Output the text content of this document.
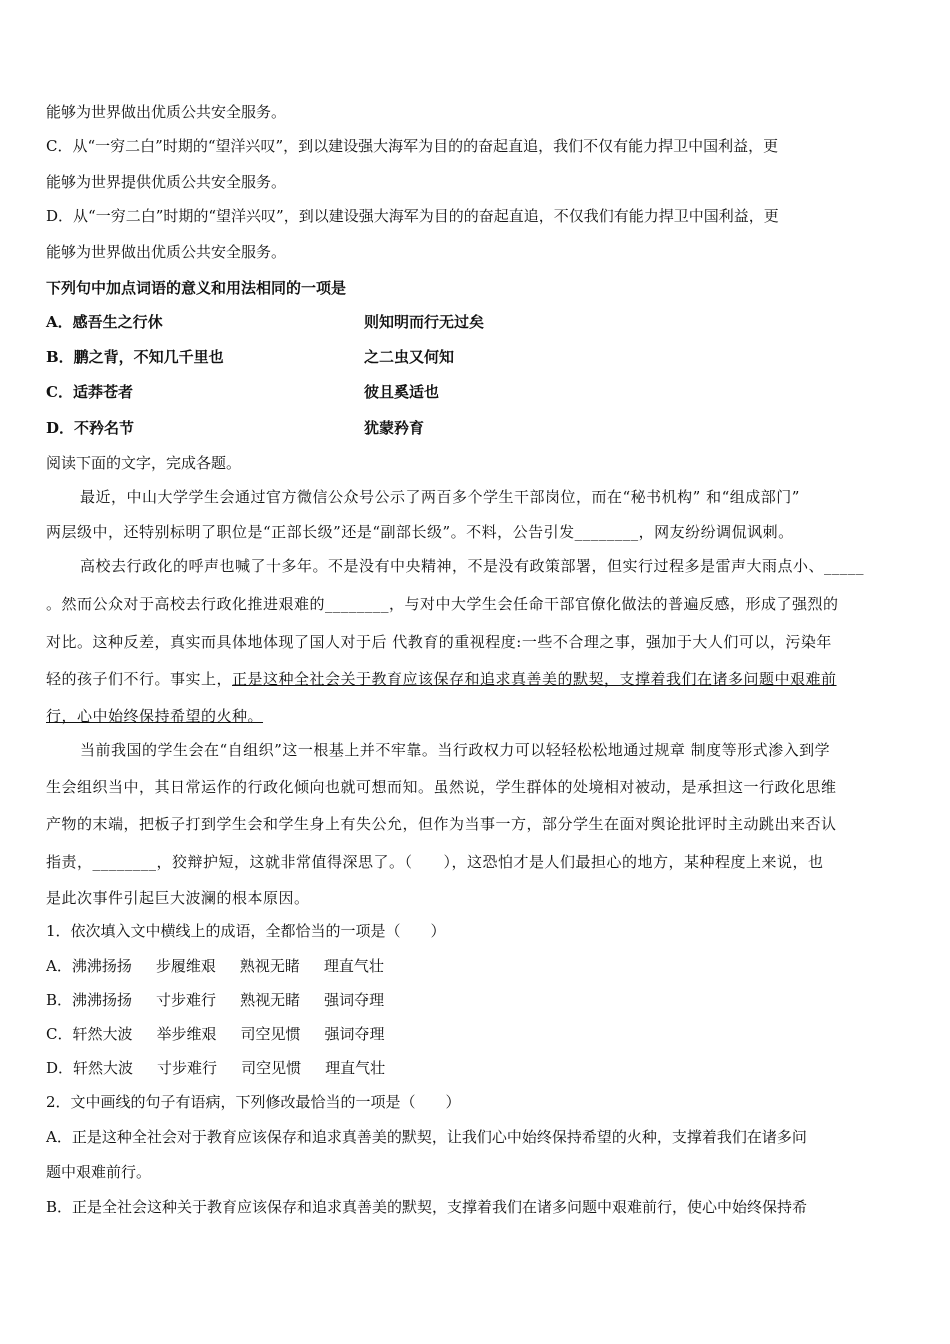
能够为世界做出优质公共安全服务。
C．从“一穷二白”时期的“望洋兴叹”，到以建设强大海军为目的的奋起直追，我们不仅有能力捍卫中国利益，更
能够为世界提供优质公共安全服务。
D．从“一穷二白”时期的“望洋兴叹”，到以建设强大海军为目的的奋起直追，不仅我们有能力捍卫中国利益，更
能够为世界做出优质公共安全服务。
下列句中加点词语的意义和用法相同的一项是
A．感吾生之行休	则知明而行无过矣
B．鹏之背，不知几千里也	之二虫又何知
C．适莽苍者	彼且奚适也
D．不矜名节	犹蒙矜育
阅读下面的文字，完成各题。
最近，中山大学学生会通过官方微信公众号公示了两百多个学生干部岗位，而在“秘书机构” 和“组成部门”
两层级中，还特别标明了职位是“正部长级”还是“副部长级”。不料，公告引发________，网友纷纷调侃讽刺。
高校去行政化的呼声也喊了十多年。不是没有中央精神，不是没有政策部署，但实行过程多是雷声大雨点小、_____
。然而公众对于高校去行政化推进艰难的________，与对中大学生会任命干部官僚化做法的普遍反感，形成了强烈的
对比。这种反差，真实而具体地体现了国人对于后 代教育的重视程度:一些不合理之事，强加于大人们可以，污染年
轻的孩子们不行。事实上，正是这种全社会关于教育应该保存和追求真善美的默契，支撑着我们在诸多问题中艰难前
行，心中始终保持希望的火种。
当前我国的学生会在“自组织”这一根基上并不牢靠。当行政权力可以轻轻松松地通过规章 制度等形式渗入到学
生会组织当中，其日常运作的行政化倾向也就可想而知。虽然说，学生群体的处境相对被动，是承担这一行政化思维
产物的末端，把板子打到学生会和学生身上有失公允，但作为当事一方，部分学生在面对舆论批评时主动跳出来否认
指责，________，狡辩护短，这就非常值得深思了。（　　），这恐怕才是人们最担心的地方，某种程度上来说，也
是此次事件引起巨大波澜的根本原因。
1．依次填入文中横线上的成语，全都恰当的一项是（　　）
A．沸沸扬扬 步履维艰 熟视无睹 理直气壮
B．沸沸扬扬 寸步难行 熟视无睹 强词夺理
C．轩然大波 举步维艰 司空见惯 强词夺理
D．轩然大波 寸步难行 司空见惯 理直气壮
2．文中画线的句子有语病，下列修改最恰当的一项是（　　）
A．正是这种全社会对于教育应该保存和追求真善美的默契，让我们心中始终保持希望的火种，支撑着我们在诸多问
题中艰难前行。
B．正是全社会这种关于教育应该保存和追求真善美的默契，支撑着我们在诸多问题中艰难前行，使心中始终保持希
